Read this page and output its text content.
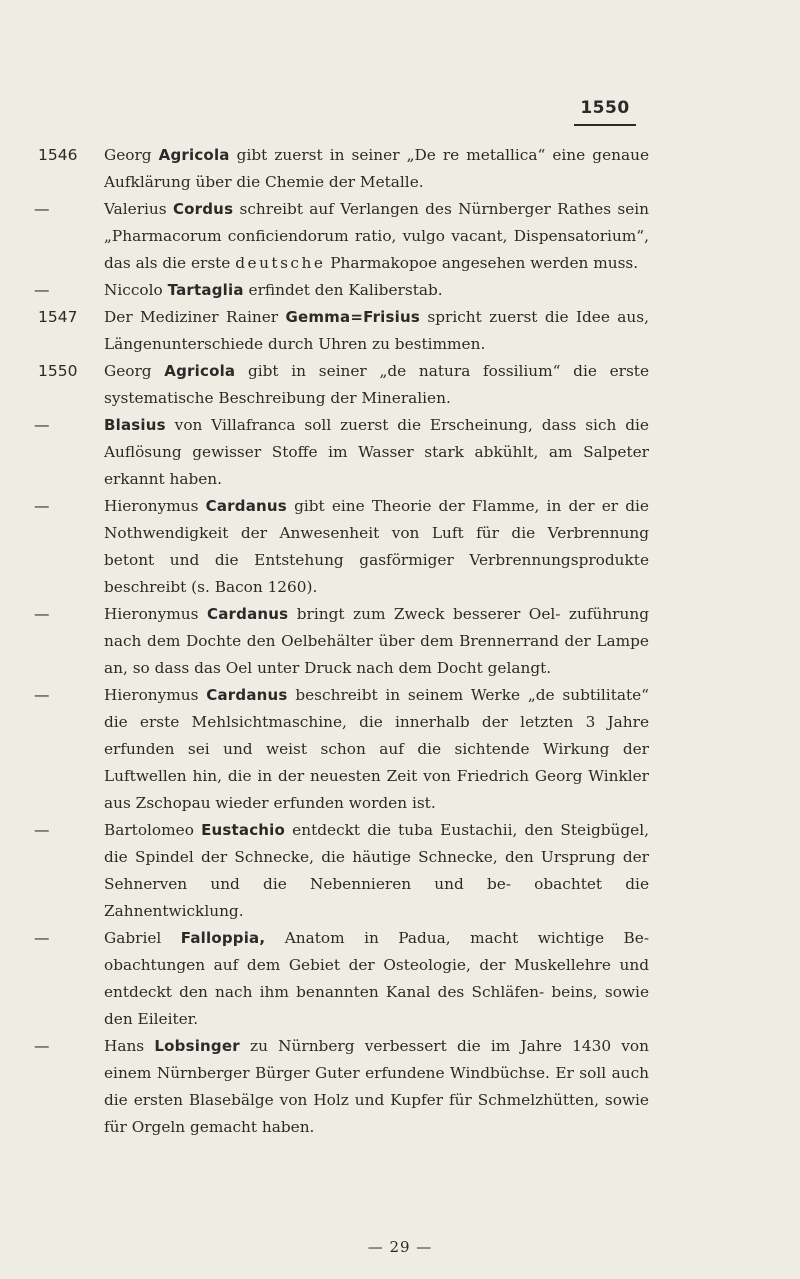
1550
1546	Georg Agricola gibt zuerst in seiner „De re metallica“ eine genaue Aufklärung über die Chemie der Metalle.
—	Valerius Cordus schreibt auf Verlangen des Nürnberger Rathes sein „Pharmacorum conficiendorum ratio, vulgo vacant, Dispensatorium“, das als die erste deutsche Pharmakopoe angesehen werden muss.
—	Niccolo Tartaglia erfindet den Kaliberstab.
1547	Der Mediziner Rainer Gemma=Frisius spricht zuerst die Idee aus, Längenunterschiede durch Uhren zu bestimmen.
1550	Georg Agricola gibt in seiner „de natura fossilium“ die erste systematische Beschreibung der Mineralien.
—	Blasius von Villafranca soll zuerst die Erscheinung, dass sich die Auflösung gewisser Stoffe im Wasser stark abkühlt, am Salpeter erkannt haben.
—	Hieronymus Cardanus gibt eine Theorie der Flamme, in der er die Nothwendigkeit der Anwesenheit von Luft für die Verbrennung betont und die Entstehung gasförmiger Verbrennungsprodukte beschreibt (s. Bacon 1260).
—	Hieronymus Cardanus bringt zum Zweck besserer Oel- zuführung nach dem Dochte den Oelbehälter über dem Brennerrand der Lampe an, so dass das Oel unter Druck nach dem Docht gelangt.
—	Hieronymus Cardanus beschreibt in seinem Werke „de subtilitate“ die erste Mehlsichtmaschine, die innerhalb der letzten 3 Jahre erfunden sei und weist schon auf die sichtende Wirkung der Luftwellen hin, die in der neuesten Zeit von Friedrich Georg Winkler aus Zschopau wieder erfunden worden ist.
—	Bartolomeo Eustachio entdeckt die tuba Eustachii, den Steigbügel, die Spindel der Schnecke, die häutige Schnecke, den Ursprung der Sehnerven und die Nebennieren und be- obachtet die Zahnentwicklung.
—	Gabriel Falloppia, Anatom in Padua, macht wichtige Be- obachtungen auf dem Gebiet der Osteologie, der Muskellehre und entdeckt den nach ihm benannten Kanal des Schläfen- beins, sowie den Eileiter.
—	Hans Lobsinger zu Nürnberg verbessert die im Jahre 1430 von einem Nürnberger Bürger Guter erfundene Windbüchse. Er soll auch die ersten Blasebälge von Holz und Kupfer für Schmelzhütten, sowie für Orgeln gemacht haben.
— 29 —
